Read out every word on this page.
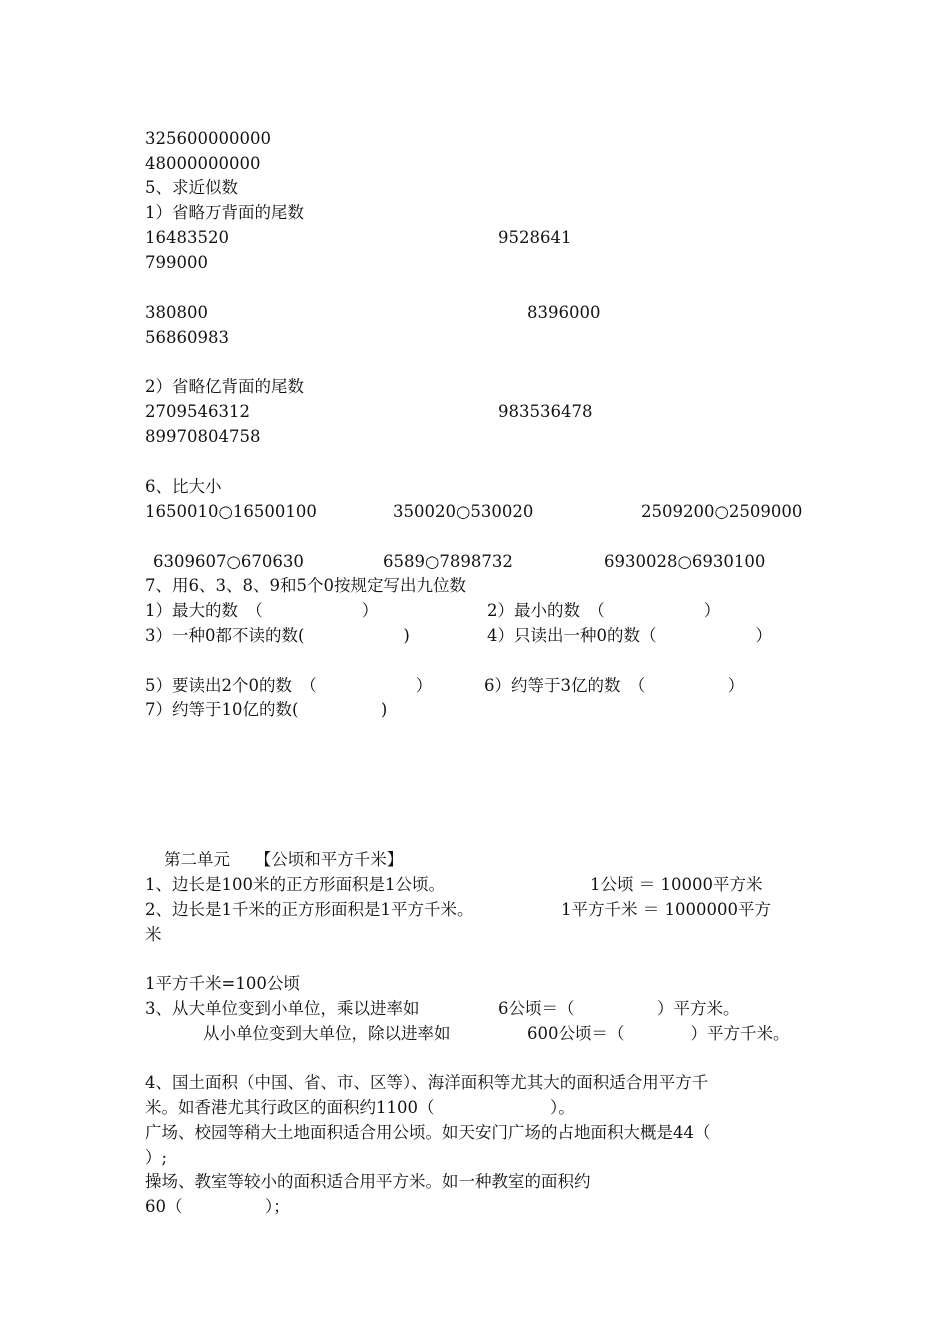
325600000000
48000000000
5、求近似数
1）省略万背面的尾数
16483520	9528641
799000
380800	8396000
56860983
2）省略亿背面的尾数
2709546312	983536478
89970804758
6、比大小
1650010○16500100	350020○530020	2509200○2509000
6309607○670630	6589○7898732	6930028○6930100
7、用6、3、8、9和5个0按规定写出九位数
1）最大的数　（　　　　　　）	2）最小的数　（　　　　　　）
3）一种0都不读的数(　　　　　　)	4）只读出一种0的数（　　　　　　）
5）要读出2个0的数　（　　　　　　）	6）约等于3亿的数　（　　　　　）
7）约等于10亿的数(　　　　　)
第二单元　　【公顷和平方千米】
1、边长是100米的正方形面积是1公顷。	1公顷 ＝ 10000平方米
2、边长是1千米的正方形面积是1平方千米。	1平方千米 ＝ 1000000平方
米
1平方千米=100公顷
3、从大单位变到小单位，乘以进率如	6公顷＝（　　　　　）平方米。
从小单位变到大单位，除以进率如	600公顷＝（　　　　）平方千米。
4、国土面积（中国、省、市、区等）、海洋面积等尤其大的面积适合用平方千
米。如香港尤其行政区的面积约1100（　　　　　　　）。
广场、校园等稍大土地面积适合用公顷。如天安门广场的占地面积大概是44（
）;
操场、教室等较小的面积适合用平方米。如一种教室的面积约
60（　　　　　）；
